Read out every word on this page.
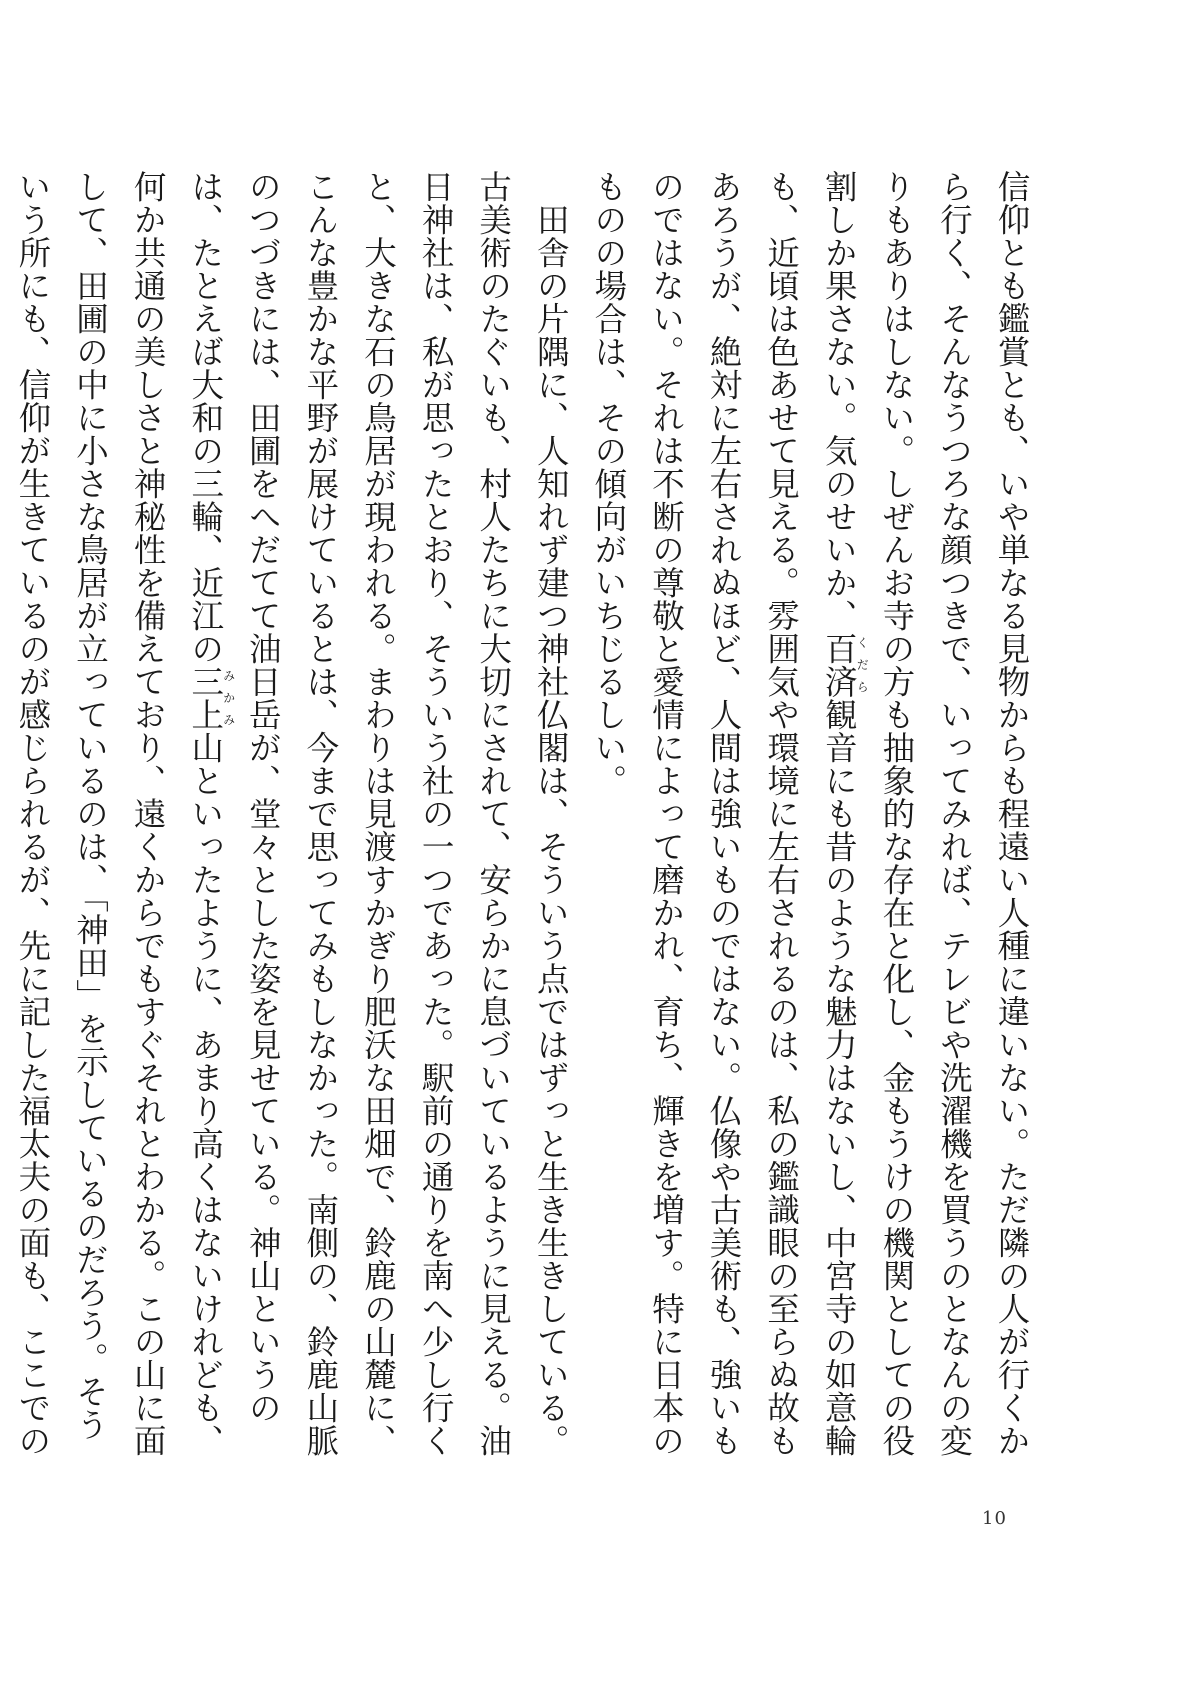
信仰とも鑑賞とも、いや単なる見物からも程遠い人種に違いない。ただ隣の人が行くから行く、そんなうつろな顔つきで、いってみれば、テレビや洗濯機を買うのとなんの変りもありはしない。しぜんお寺の方も抽象的な存在と化し、金もうけの機関としての役割しか果さない。気のせいか、百済くだら観音にも昔のような魅力はないし、中宮寺の如意輪も、近頃は色あせて見える。雰囲気や環境に左右されるのは、私の鑑識眼の至らぬ故もあろうが、絶対に左右されぬほど、人間は強いものではない。仏像や古美術も、強いものではない。それは不断の尊敬と愛情によって磨かれ、育ち、輝きを増す。特に日本のものの場合は、その傾向がいちじるしい。

田舎の片隅に、人知れず建つ神社仏閣は、そういう点ではずっと生き生きしている。古美術のたぐいも、村人たちに大切にされて、安らかに息づいているように見える。油日神社は、私が思ったとおり、そういう社の一つであった。駅前の通りを南へ少し行くと、大きな石の鳥居が現われる。まわりは見渡すかぎり肥沃な田畑で、鈴鹿の山麓に、こんな豊かな平野が展けているとは、今まで思ってみもしなかった。南側の、鈴鹿山脈のつづきには、田圃をへだてて油日岳が、堂々とした姿を見せている。神山というのは、たとえば大和の三輪、近江の三上みかみ山といったように、あまり高くはないけれども、何か共通の美しさと神秘性を備えており、遠くからでもすぐそれとわかる。この山に面して、田圃の中に小さな鳥居が立っているのは、「神田」を示しているのだろう。そういう所にも、信仰が生きているのが感じられるが、先に記した福太夫の面も、ここでの

10
